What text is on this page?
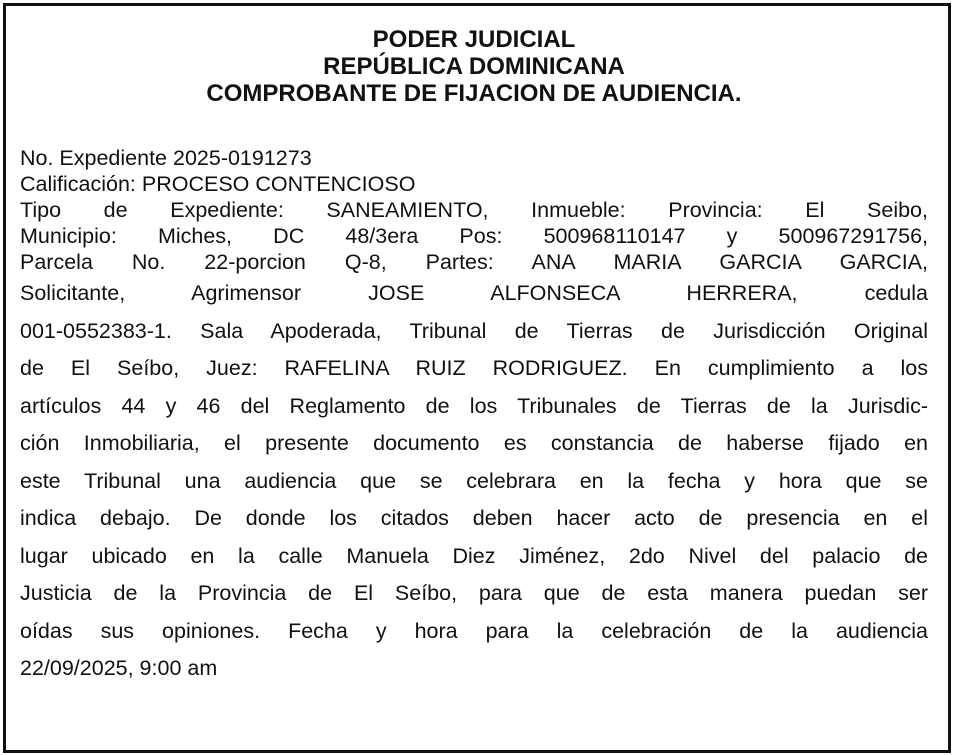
PODER JUDICIAL
REPÚBLICA DOMINICANA
COMPROBANTE DE FIJACION DE AUDIENCIA.
No. Expediente 2025-0191273
Calificación: PROCESO CONTENCIOSO
Tipo de Expediente: SANEAMIENTO, Inmueble: Provincia: El Seibo,
Municipio: Miches, DC 48/3era Pos: 500968110147 y 500967291756,
Parcela No. 22-porcion Q-8, Partes: ANA MARIA GARCIA GARCIA,
Solicitante, Agrimensor JOSE ALFONSECA HERRERA, cedula
001-0552383-1. Sala Apoderada, Tribunal de Tierras de Jurisdicción Original
de El Seíbo, Juez: RAFELINA RUIZ RODRIGUEZ. En cumplimiento a los
artículos 44 y 46 del Reglamento de los Tribunales de Tierras de la Jurisdic-
ción Inmobiliaria, el presente documento es constancia de haberse fijado en
este Tribunal una audiencia que se celebrara en la fecha y hora que se
indica debajo. De donde los citados deben hacer acto de presencia en el
lugar ubicado en la calle Manuela Diez Jiménez, 2do Nivel del palacio de
Justicia de la Provincia de El Seíbo, para que de esta manera puedan ser
oídas sus opiniones. Fecha y hora para la celebración de la audiencia
22/09/2025, 9:00 am
